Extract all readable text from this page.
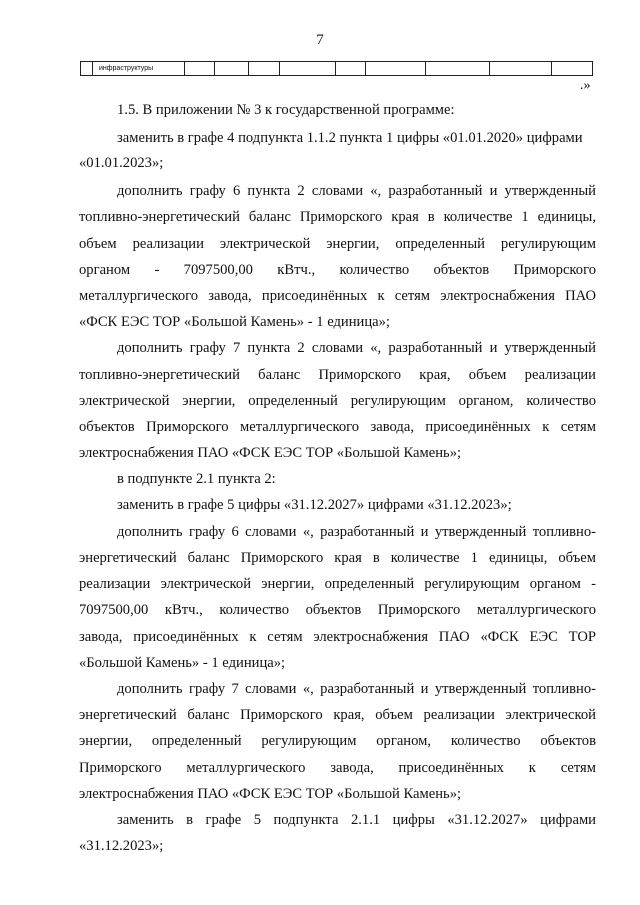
7
инфраструктуры
.»
1.5. В приложении № 3 к государственной программе:
заменить в графе 4 подпункта 1.1.2 пункта 1 цифры «01.01.2020» цифрами
«01.01.2023»;
дополнить графу 6 пункта 2 словами «, разработанный и утвержденный
топливно-энергетический баланс Приморского края в количестве 1 единицы,
объем реализации электрической энергии, определенный регулирующим
органом - 7097500,00 кВтч., количество объектов Приморского
металлургического завода, присоединённых к сетям электроснабжения ПАО
«ФСК ЕЭС ТОР «Большой Камень» - 1 единица»;
дополнить графу 7 пункта 2 словами «, разработанный и утвержденный
топливно-энергетический баланс Приморского края, объем реализации
электрической энергии, определенный регулирующим органом, количество
объектов Приморского металлургического завода, присоединённых к сетям
электроснабжения ПАО «ФСК ЕЭС ТОР «Большой Камень»;
в подпункте 2.1 пункта 2:
заменить в графе 5 цифры «31.12.2027» цифрами «31.12.2023»;
дополнить графу 6 словами «, разработанный и утвержденный топливно-
энергетический баланс Приморского края в количестве 1 единицы, объем
реализации электрической энергии, определенный регулирующим органом -
7097500,00 кВтч., количество объектов Приморского металлургического
завода, присоединённых к сетям электроснабжения ПАО «ФСК ЕЭС ТОР
«Большой Камень» - 1 единица»;
дополнить графу 7 словами «, разработанный и утвержденный топливно-
энергетический баланс Приморского края, объем реализации электрической
энергии, определенный регулирующим органом, количество объектов
Приморского металлургического завода, присоединённых к сетям
электроснабжения ПАО «ФСК ЕЭС ТОР «Большой Камень»;
заменить в графе 5 подпункта 2.1.1 цифры «31.12.2027» цифрами
«31.12.2023»;
